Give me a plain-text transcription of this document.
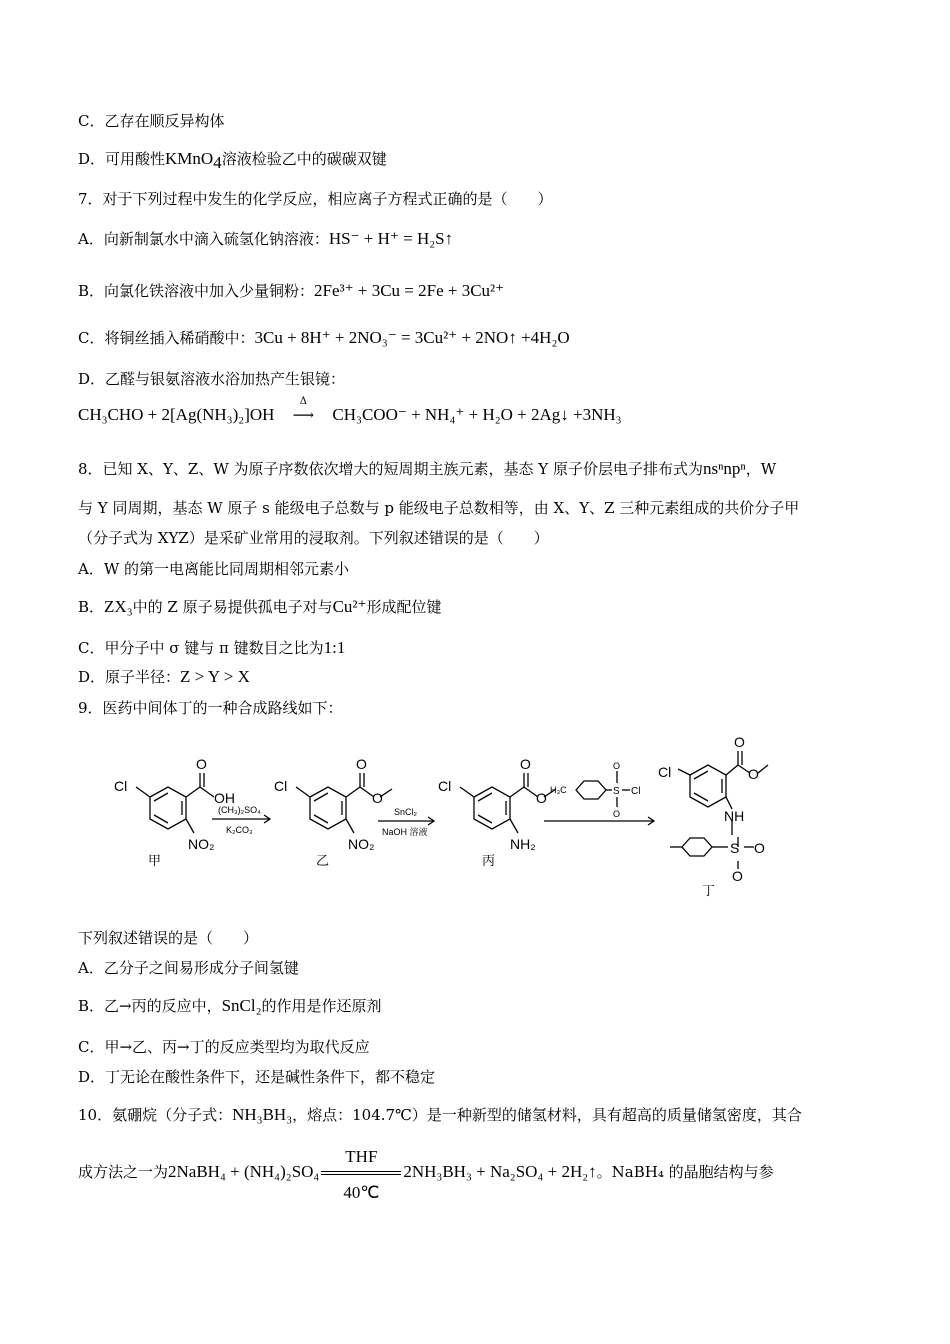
C．乙存在顺反异构体
D．可用酸性KMnO$_4$溶液检验乙中的碳碳双键
7．对于下列过程中发生的化学反应，相应离子方程式正确的是（　　）
A．向新制氯水中滴入硫氢化钠溶液：HS⁻ + H⁺ = H₂S↑
B．向氯化铁溶液中加入少量铜粉：2Fe³⁺ + 3Cu = 2Fe + 3Cu²⁺
C．将铜丝插入稀硝酸中：3Cu + 8H⁺ + 2NO₃⁻ = 3Cu²⁺ + 2NO↑ +4H₂O
D．乙醛与银氨溶液水浴加热产生银镜：
CH₃CHO + 2[Ag(NH₃)₂]OH
Δ
⟶ CH₃COO⁻ + NH₄⁺ + H₂O + 2Ag↓ +3NH₃
8．已知 X、Y、Z、W 为原子序数依次增大的短周期主族元素，基态 Y 原子价层电子排布式为nsⁿnpⁿ，W
与 Y 同周期，基态 W 原子 s 能级电子总数与 p 能级电子总数相等，由 X、Y、Z 三种元素组成的共价分子甲
（分子式为 XYZ）是采矿业常用的浸取剂。下列叙述错误的是（　　）
A．W 的第一电离能比同周期相邻元素小
B．ZX₃中的 Z 原子易提供孤电子对与Cu²⁺形成配位键
C．甲分子中 σ 键与 π 键数目之比为1:1
D．原子半径：Z > Y > X
9．医药中间体丁的一种合成路线如下：
Cl
O
OH
NO₂
甲
(CH₃)₂SO₄
K₂CO₃
Cl
O
O
NO₂
乙
SnCl₂
NaOH 溶液
Cl
O
O
NH₂
丙
H₃C	S
O
O
Cl
Cl
O
O
NH
S O
O
丁
下列叙述错误的是（　　）
A．乙分子之间易形成分子间氢键
B．乙→丙的反应中，SnCl₂的作用是作还原剂
C．甲→乙、丙→丁的反应类型均为取代反应
D．丁无论在酸性条件下，还是碱性条件下，都不稳定
10．氨硼烷（分子式：NH₃BH₃，熔点：104.7℃）是一种新型的储氢材料，具有超高的质量储氢密度，其合
成方法之一为2NaBH₄ + (NH₄)₂SO₄
THF
40℃
2NH₃BH₃ + Na₂SO₄ + 2H₂↑。NaBH₄ 的晶胞结构与参
